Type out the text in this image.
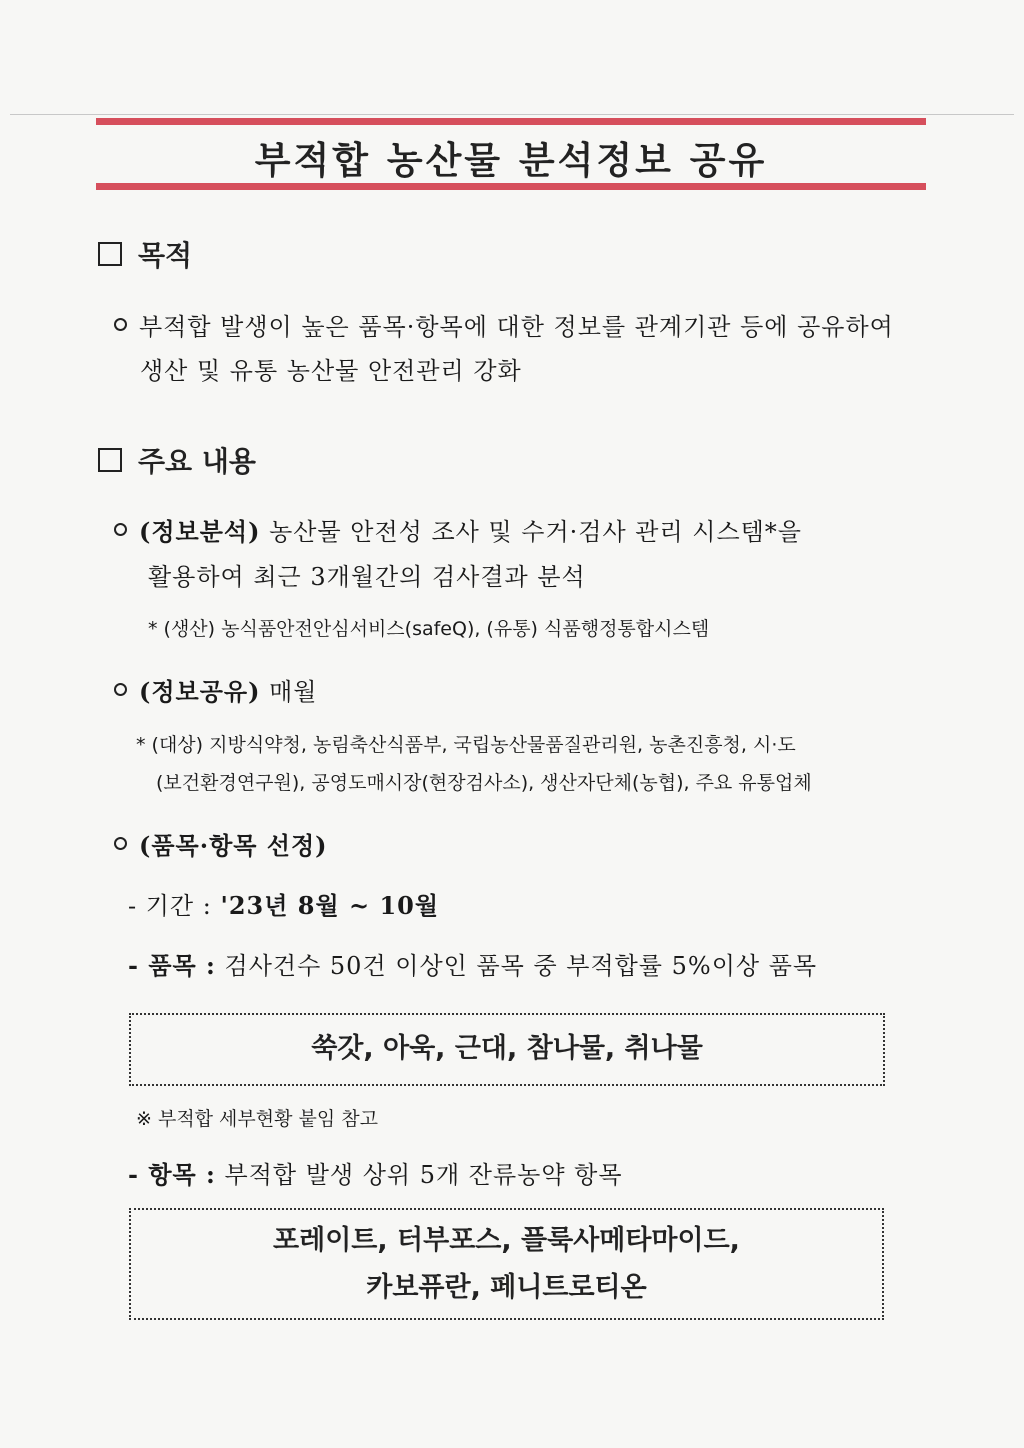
부적합 농산물 분석정보 공유
목적
부적합 발생이 높은 품목·항목에 대한 정보를 관계기관 등에 공유하여
생산 및 유통 농산물 안전관리 강화
주요 내용
(정보분석) 농산물 안전성 조사 및 수거·검사 관리 시스템*을
활용하여 최근 3개월간의 검사결과 분석
* (생산) 농식품안전안심서비스(safeQ), (유통) 식품행정통합시스템
(정보공유) 매월
* (대상) 지방식약청, 농림축산식품부, 국립농산물품질관리원, 농촌진흥청, 시·도
(보건환경연구원), 공영도매시장(현장검사소), 생산자단체(농협), 주요 유통업체
(품목·항목 선정)
- 기간 : '23년 8월 ~ 10월
- 품목 : 검사건수 50건 이상인 품목 중 부적합률 5%이상 품목
쑥갓, 아욱, 근대, 참나물, 취나물
※ 부적합 세부현황 붙임 참고
- 항목 : 부적합 발생 상위 5개 잔류농약 항목
포레이트, 터부포스, 플룩사메타마이드,
카보퓨란, 페니트로티온
